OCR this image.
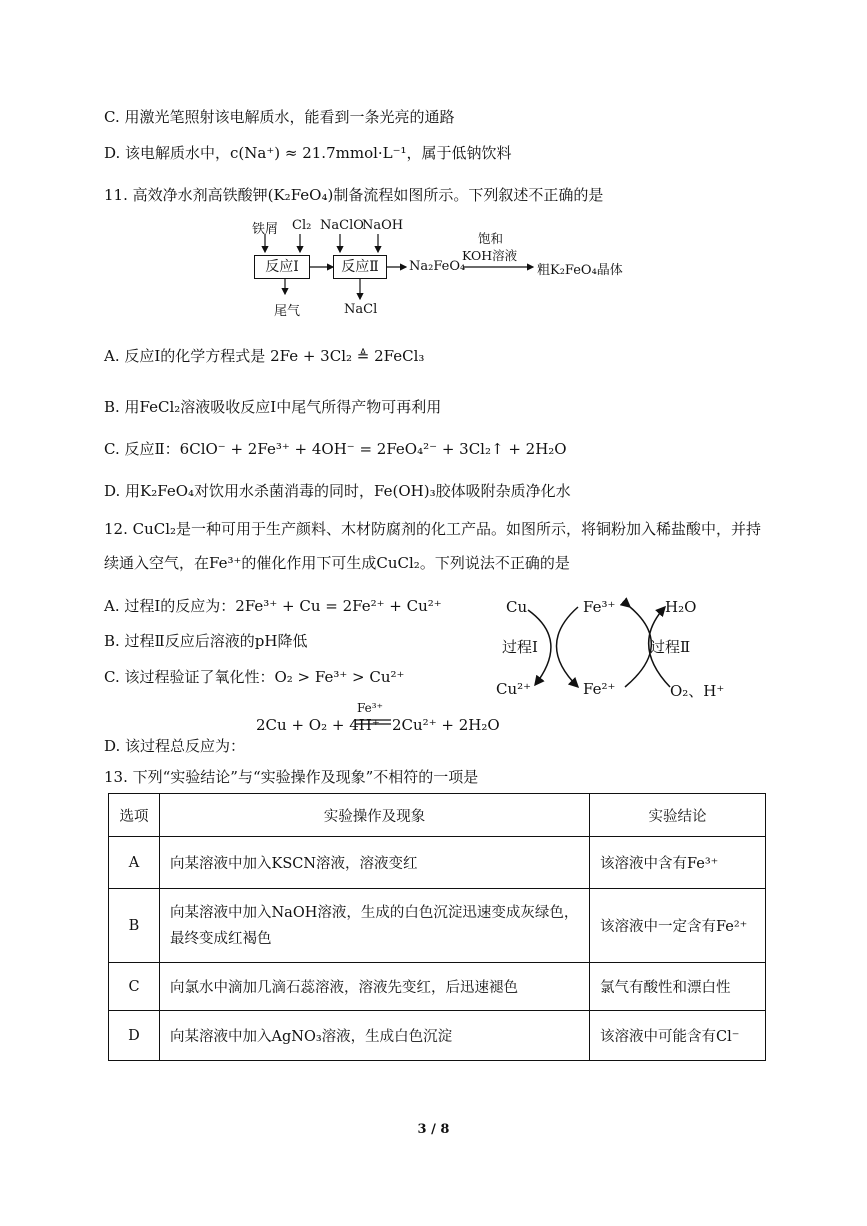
C. 用激光笔照射该电解质水，能看到一条光亮的通路
D. 该电解质水中，c(Na⁺) ≈ 21.7mmol·L⁻¹，属于低钠饮料
11. 高效净水剂高铁酸钾(K₂FeO₄)制备流程如图所示。下列叙述不正确的是
铁屑 Cl₂ NaClO
NaOH
反应Ⅰ	反应Ⅱ	Na₂FeO₄
饱和
KOH溶液
粗K₂FeO₄晶体
尾气	NaCl
A. 反应Ⅰ的化学方程式是 2Fe + 3Cl₂ ≜ 2FeCl₃
B. 用FeCl₂溶液吸收反应Ⅰ中尾气所得产物可再利用
C. 反应Ⅱ：6ClO⁻ + 2Fe³⁺ + 4OH⁻ = 2FeO₄²⁻ + 3Cl₂↑ + 2H₂O
D. 用K₂FeO₄对饮用水杀菌消毒的同时，Fe(OH)₃胶体吸附杂质净化水
12. CuCl₂是一种可用于生产颜料、木材防腐剂的化工产品。如图所示，将铜粉加入稀盐酸中，并持
续通入空气，在Fe³⁺的催化作用下可生成CuCl₂。下列说法不正确的是
A. 过程Ⅰ的反应为：2Fe³⁺ + Cu = 2Fe²⁺ + Cu²⁺
B. 过程Ⅱ反应后溶液的pH降低
C. 该过程验证了氧化性：O₂ > Fe³⁺ > Cu²⁺
Cu	Fe³⁺	H₂O
过程Ⅰ	过程Ⅱ
Cu²⁺	Fe²⁺	O₂、H⁺
D. 该过程总反应为：
2Cu + O₂ + 4H⁺
Fe³⁺
2Cu²⁺ + 2H₂O
13. 下列“实验结论”与“实验操作及现象”不相符的一项是
选项	实验操作及现象	实验结论
A	向某溶液中加入KSCN溶液，溶液变红	该溶液中含有Fe³⁺
B	向某溶液中加入NaOH溶液，生成的白色沉淀迅速变成灰绿色，最终变成红褐色	该溶液中一定含有Fe²⁺
C	向氯水中滴加几滴石蕊溶液，溶液先变红，后迅速褪色	氯气有酸性和漂白性
D	向某溶液中加入AgNO₃溶液，生成白色沉淀	该溶液中可能含有Cl⁻
3 / 8
